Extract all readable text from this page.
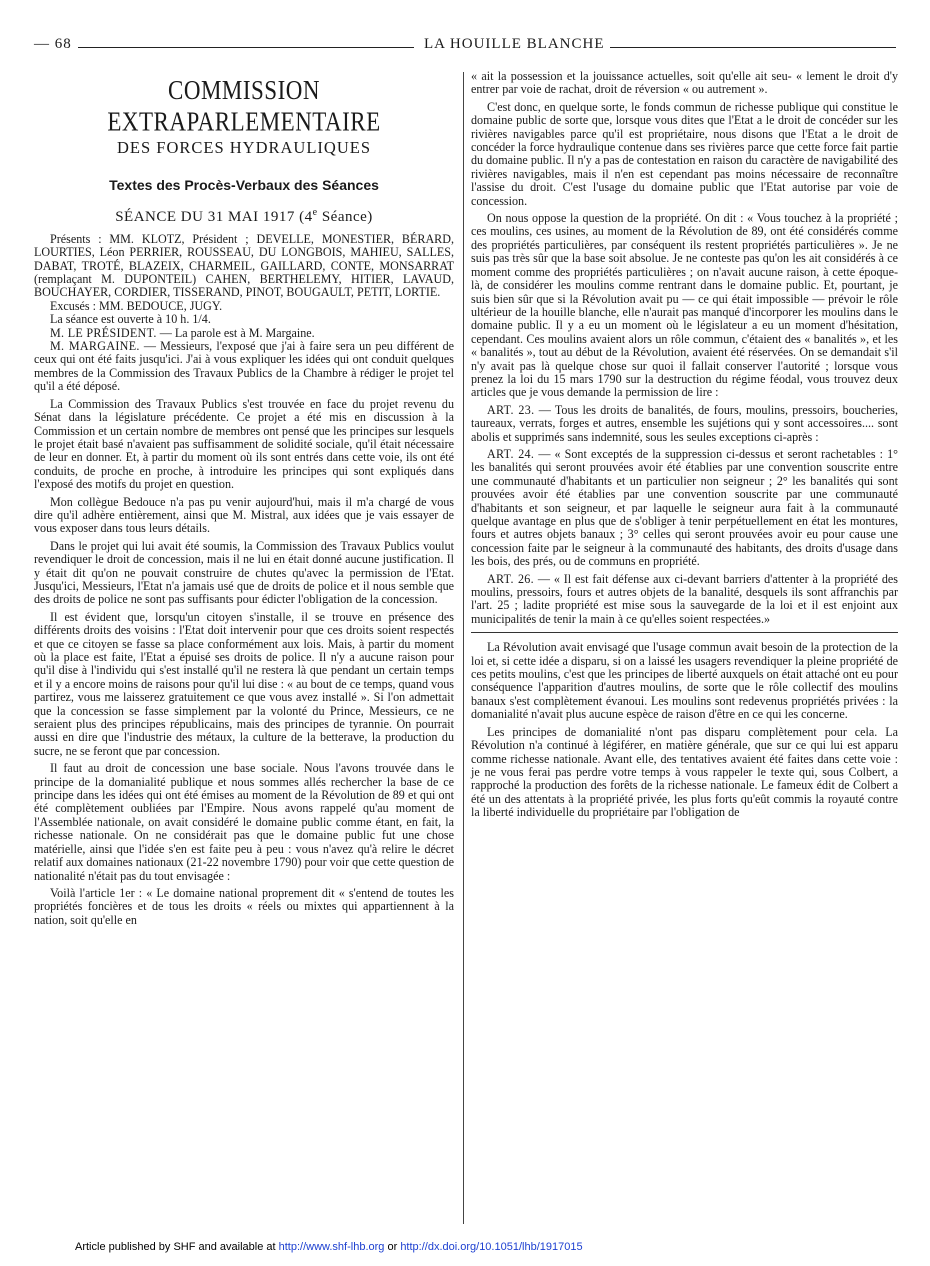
— 68	LA HOUILLE BLANCHE
COMMISSION EXTRAPARLEMENTAIRE
DES FORCES HYDRAULIQUES
Textes des Procès-Verbaux des Séances
SÉANCE DU 31 MAI 1917 (4e Séance)

Présents : MM. KLOTZ, Président ; DEVELLE, MONESTIER, BÉRARD, LOURTIES, Léon PERRIER, ROUSSEAU, DU LONGBOIS, MAHIEU, SALLES, DABAT, TROTÉ, BLAZEIX, CHARMEIL, GAILLARD, CONTE, MONSARRAT (remplaçant M. DUPONTEIL) CAHEN, BERTHELEMY, HITIER, LAVAUD, BOUCHAYER, CORDIER, TISSERAND, PINOT, BOUGAULT, PETIT, LORTIE.

Excusés : MM. BEDOUCE, JUGY.

La séance est ouverte à 10 h. 1/4.

M. LE PRÉSIDENT. — La parole est à M. Margaine.

M. MARGAINE. — Messieurs, l'exposé que j'ai à faire sera un peu différent de ceux qui ont été faits jusqu'ici. J'ai à vous expliquer les idées qui ont conduit quelques membres de la Commission des Travaux Publics de la Chambre à rédiger le projet tel qu'il a été déposé.

La Commission des Travaux Publics s'est trouvée en face du projet revenu du Sénat dans la législature précédente. Ce projet a été mis en discussion à la Commission et un certain nombre de membres ont pensé que les principes sur lesquels le projet était basé n'avaient pas suffisamment de solidité sociale, qu'il était nécessaire de leur en donner. Et, à partir du moment où ils sont entrés dans cette voie, ils ont été conduits, de proche en proche, à introduire les principes qui sont expliqués dans l'exposé des motifs du projet en question.

Mon collègue Bedouce n'a pas pu venir aujourd'hui, mais il m'a chargé de vous dire qu'il adhère entièrement, ainsi que M. Mistral, aux idées que je vais essayer de vous exposer dans tous leurs détails.

Dans le projet qui lui avait été soumis, la Commission des Travaux Publics voulut revendiquer le droit de concession, mais il ne lui en était donné aucune justification. Il y était dit qu'on ne pouvait construire de chutes qu'avec la permission de l'Etat. Jusqu'ici, Messieurs, l'Etat n'a jamais usé que de droits de police et il nous semble que des droits de police ne sont pas suffisants pour édicter l'obligation de la concession.

Il est évident que, lorsqu'un citoyen s'installe, il se trouve en présence des différents droits des voisins : l'Etat doit intervenir pour que ces droits soient respectés et que ce citoyen se fasse sa place conformément aux lois. Mais, à partir du moment où la place est faite, l'Etat a épuisé ses droits de police. Il n'y a aucune raison pour qu'il dise à l'individu qui s'est installé qu'il ne restera là que pendant un certain temps et il y a encore moins de raisons pour qu'il lui dise : « au bout de ce temps, quand vous partirez, vous me laisserez gratuitement ce que vous avez installé ». Si l'on admettait que la concession se fasse simplement par la volonté du Prince, Messieurs, ce ne seraient plus des principes républicains, mais des principes de tyrannie. On pourrait aussi en dire que l'industrie des métaux, la culture de la betterave, la production du sucre, ne se feront que par concession.

Il faut au droit de concession une base sociale. Nous l'avons trouvée dans le principe de la domanialité publique et nous sommes allés rechercher la base de ce principe dans les idées qui ont été émises au moment de la Révolution de 89 et qui ont été complètement oubliées par l'Empire. Nous avons rappelé qu'au moment de l'Assemblée nationale, on avait considéré le domaine public comme étant, en fait, la richesse nationale. On ne considérait pas que le domaine public fut une chose matérielle, ainsi que l'idée s'en est faite peu à peu : vous n'avez qu'à relire le décret relatif aux domaines nationaux (21-22 novembre 1790) pour voir que cette question de nationalité n'était pas du tout envisagée :

Voilà l'article 1er : « Le domaine national proprement dit « s'entend de toutes les propriétés foncières et de tous les droits « réels ou mixtes qui appartiennent à la nation, soit qu'elle en

« ait la possession et la jouissance actuelles, soit qu'elle ait seu- « lement le droit d'y entrer par voie de rachat, droit de réversion « ou autrement ».

C'est donc, en quelque sorte, le fonds commun de richesse publique qui constitue le domaine public de sorte que, lorsque vous dites que l'Etat a le droit de concéder sur les rivières navigables parce qu'il est propriétaire, nous disons que l'Etat a le droit de concéder la force hydraulique contenue dans ses rivières parce que cette force fait partie du domaine public. Il n'y a pas de contestation en raison du caractère de navigabilité des rivières navigables, mais il n'en est cependant pas moins nécessaire de reconnaître l'assise du droit. C'est l'usage du domaine public que l'Etat autorise par voie de concession.

On nous oppose la question de la propriété. On dit : « Vous touchez à la propriété ; ces moulins, ces usines, au moment de la Révolution de 89, ont été considérés comme des propriétés particulières, par conséquent ils restent propriétés particulières ». Je ne suis pas très sûr que la base soit absolue. Je ne conteste pas qu'on les ait considérés à ce moment comme des propriétés particulières ; on n'avait aucune raison, à cette époque-là, de considérer les moulins comme rentrant dans le domaine public. Et, pourtant, je suis bien sûr que si la Révolution avait pu — ce qui était impossible — prévoir le rôle ultérieur de la houille blanche, elle n'aurait pas manqué d'incorporer les moulins dans le domaine public. Il y a eu un moment où le législateur a eu un moment d'hésitation, cependant. Ces moulins avaient alors un rôle commun, c'étaient des « banalités », et les « banalités », tout au début de la Révolution, avaient été réservées. On se demandait s'il n'y avait pas là quelque chose sur quoi il fallait conserver l'autorité ; lorsque vous prenez la loi du 15 mars 1790 sur la destruction du régime féodal, vous trouvez deux articles que je vous demande la permission de lire :

ART. 23. — Tous les droits de banalités, de fours, moulins, pressoirs, boucheries, taureaux, verrats, forges et autres, ensemble les sujétions qui y sont accessoires.... sont abolis et supprimés sans indemnité, sous les seules exceptions ci-après :

ART. 24. — « Sont exceptés de la suppression ci-dessus et seront rachetables : 1° les banalités qui seront prouvées avoir été établies par une convention souscrite entre une communauté d'habitants et un particulier non seigneur ; 2° les banalités qui sont prouvées avoir été établies par une convention souscrite par une communauté d'habitants et son seigneur, et par laquelle le seigneur aura fait à la communauté quelque avantage en plus que de s'obliger à tenir perpétuellement en état les montures, fours et autres objets banaux ; 3° celles qui seront prouvées avoir eu pour cause une concession faite par le seigneur à la communauté des habitants, des droits d'usage dans les bois, des prés, ou de communs en propriété.

ART. 26. — « Il est fait défense aux ci-devant barriers d'attenter à la propriété des moulins, pressoirs, fours et autres objets de la banalité, desquels ils sont affranchis par l'art. 25 ; ladite propriété est mise sous la sauvegarde de la loi et il est enjoint aux municipalités de tenir la main à ce qu'elles soient respectées.»

La Révolution avait envisagé que l'usage commun avait besoin de la protection de la loi et, si cette idée a disparu, si on a laissé les usagers revendiquer la pleine propriété de ces petits moulins, c'est que les principes de liberté auxquels on était attaché ont eu pour conséquence l'apparition d'autres moulins, de sorte que le rôle collectif des moulins banaux s'est complètement évanoui. Les moulins sont redevenus propriétés privées : la domanialité n'avait plus aucune espèce de raison d'être en ce qui les concerne.

Les principes de domanialité n'ont pas disparu complètement pour cela. La Révolution n'a continué à légiférer, en matière générale, que sur ce qui lui est apparu comme richesse nationale. Avant elle, des tentatives avaient été faites dans cette voie : je ne vous ferai pas perdre votre temps à vous rappeler le texte qui, sous Colbert, a rapproché la production des forêts de la richesse nationale. Le fameux édit de Colbert a été un des attentats à la propriété privée, les plus forts qu'eût commis la royauté contre la liberté individuelle du propriétaire par l'obligation de

Article published by SHF and available at http://www.shf-lhb.org or http://dx.doi.org/10.1051/lhb/1917015
